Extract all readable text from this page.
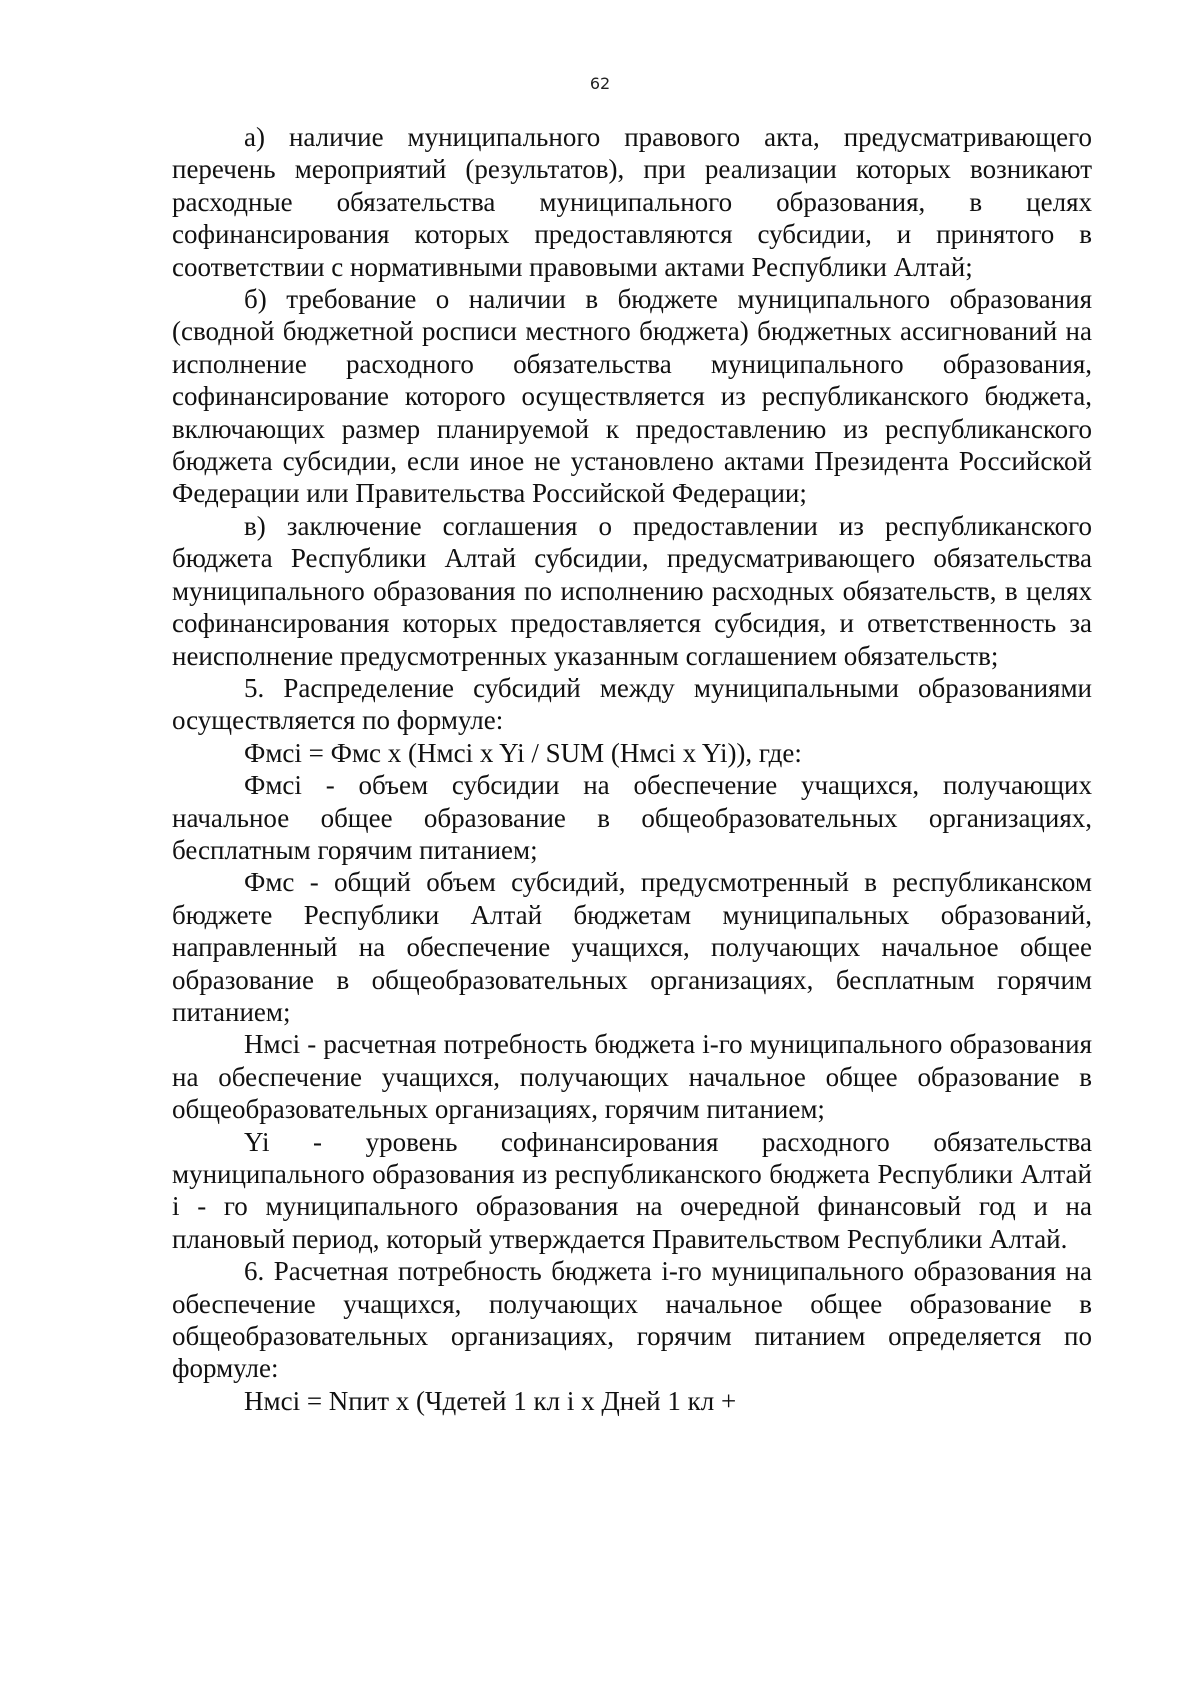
62

а) наличие муниципального правового акта, предусматривающего перечень мероприятий (результатов), при реализации которых возникают расходные обязательства муниципального образования, в целях софинансирования которых предоставляются субсидии, и принятого в соответствии с нормативными правовыми актами Республики Алтай;

б) требование о наличии в бюджете муниципального образования (сводной бюджетной росписи местного бюджета) бюджетных ассигнований на исполнение расходного обязательства муниципального образования, софинансирование которого осуществляется из республиканского бюджета, включающих размер планируемой к предоставлению из республиканского бюджета субсидии, если иное не установлено актами Президента Российской Федерации или Правительства Российской Федерации;

в) заключение соглашения о предоставлении из республиканского бюджета Республики Алтай субсидии, предусматривающего обязательства муниципального образования по исполнению расходных обязательств, в целях софинансирования которых предоставляется субсидия, и ответственность за неисполнение предусмотренных указанным соглашением обязательств;

5. Распределение субсидий между муниципальными образованиями осуществляется по формуле:

Фмсi = Фмс x (Нмсi x Yi / SUM (Нмсi x Yi)), где:

Фмсi - объем субсидии на обеспечение учащихся, получающих начальное общее образование в общеобразовательных организациях, бесплатным горячим питанием;

Фмс - общий объем субсидий, предусмотренный в республиканском бюджете Республики Алтай бюджетам муниципальных образований, направленный на обеспечение учащихся, получающих начальное общее образование в общеобразовательных организациях, бесплатным горячим питанием;

Нмсi - расчетная потребность бюджета i-го муниципального образования на обеспечение учащихся, получающих начальное общее образование в общеобразовательных организациях, горячим питанием;

Yi - уровень софинансирования расходного обязательства муниципального образования из республиканского бюджета Республики Алтай i - го муниципального образования на очередной финансовый год и на плановый период, который утверждается Правительством Республики Алтай.

6. Расчетная потребность бюджета i-го муниципального образования на обеспечение учащихся, получающих начальное общее образование в общеобразовательных организациях, горячим питанием определяется по формуле:

Нмсi = Nпит x (Чдетей 1 кл i x Дней 1 кл +
